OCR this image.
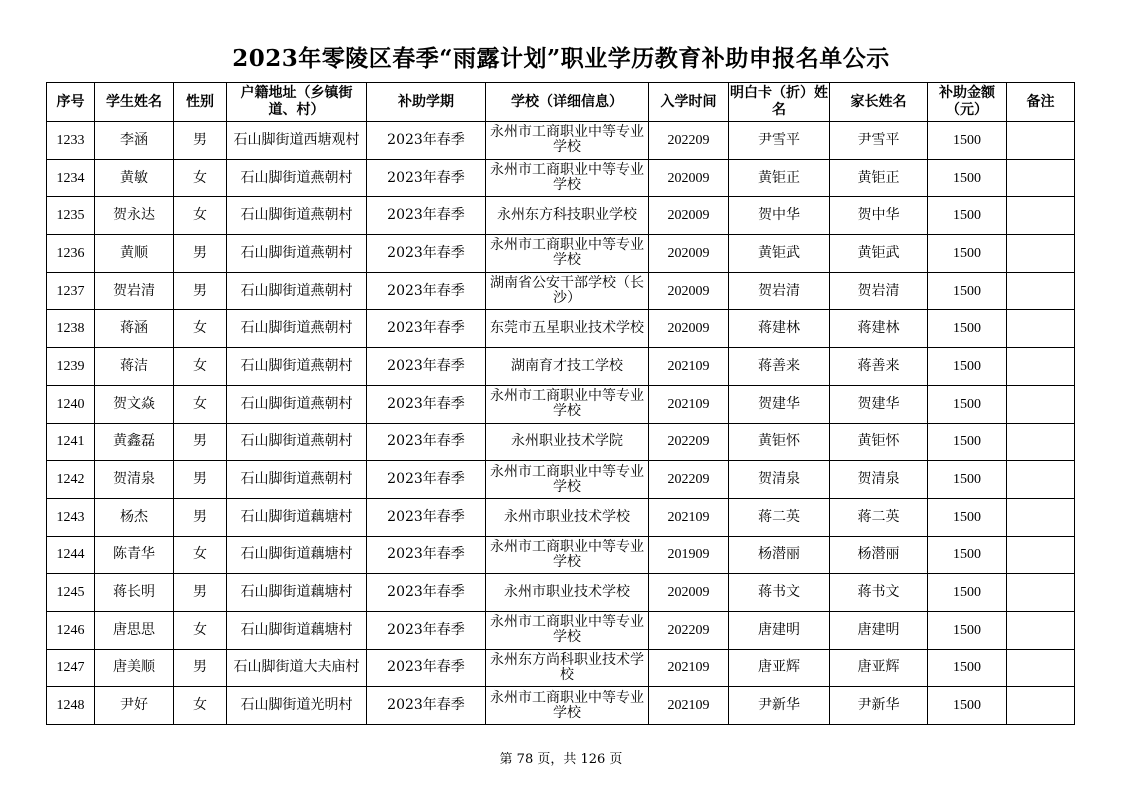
2023年零陵区春季“雨露计划”职业学历教育补助申报名单公示
序号	学生姓名	性别	户籍地址（乡镇街道、村）	补助学期	学校（详细信息）	入学时间	明白卡（折）姓名	家长姓名	补助金额（元）	备注
1233	李涵	男	石山脚街道西塘观村	2023年春季	永州市工商职业中等专业学校	202209	尹雪平	尹雪平	1500	
1234	黄敏	女	石山脚街道燕朝村	2023年春季	永州市工商职业中等专业学校	202009	黄钜正	黄钜正	1500	
1235	贺永达	女	石山脚街道燕朝村	2023年春季	永州东方科技职业学校	202009	贺中华	贺中华	1500	
1236	黄顺	男	石山脚街道燕朝村	2023年春季	永州市工商职业中等专业学校	202009	黄钜武	黄钜武	1500	
1237	贺岩清	男	石山脚街道燕朝村	2023年春季	湖南省公安干部学校（长沙）	202009	贺岩清	贺岩清	1500	
1238	蒋涵	女	石山脚街道燕朝村	2023年春季	东莞市五星职业技术学校	202009	蒋建林	蒋建林	1500	
1239	蒋洁	女	石山脚街道燕朝村	2023年春季	湖南育才技工学校	202109	蒋善来	蒋善来	1500	
1240	贺文焱	女	石山脚街道燕朝村	2023年春季	永州市工商职业中等专业学校	202109	贺建华	贺建华	1500	
1241	黄鑫磊	男	石山脚街道燕朝村	2023年春季	永州职业技术学院	202209	黄钜怀	黄钜怀	1500	
1242	贺清泉	男	石山脚街道燕朝村	2023年春季	永州市工商职业中等专业学校	202209	贺清泉	贺清泉	1500	
1243	杨杰	男	石山脚街道藕塘村	2023年春季	永州市职业技术学校	202109	蒋二英	蒋二英	1500	
1244	陈青华	女	石山脚街道藕塘村	2023年春季	永州市工商职业中等专业学校	201909	杨潜丽	杨潜丽	1500	
1245	蒋长明	男	石山脚街道藕塘村	2023年春季	永州市职业技术学校	202009	蒋书文	蒋书文	1500	
1246	唐思思	女	石山脚街道藕塘村	2023年春季	永州市工商职业中等专业学校	202209	唐建明	唐建明	1500	
1247	唐美顺	男	石山脚街道大夫庙村	2023年春季	永州东方尚科职业技术学校	202109	唐亚辉	唐亚辉	1500	
1248	尹好	女	石山脚街道光明村	2023年春季	永州市工商职业中等专业学校	202109	尹新华	尹新华	1500	
第 78 页，共 126 页
